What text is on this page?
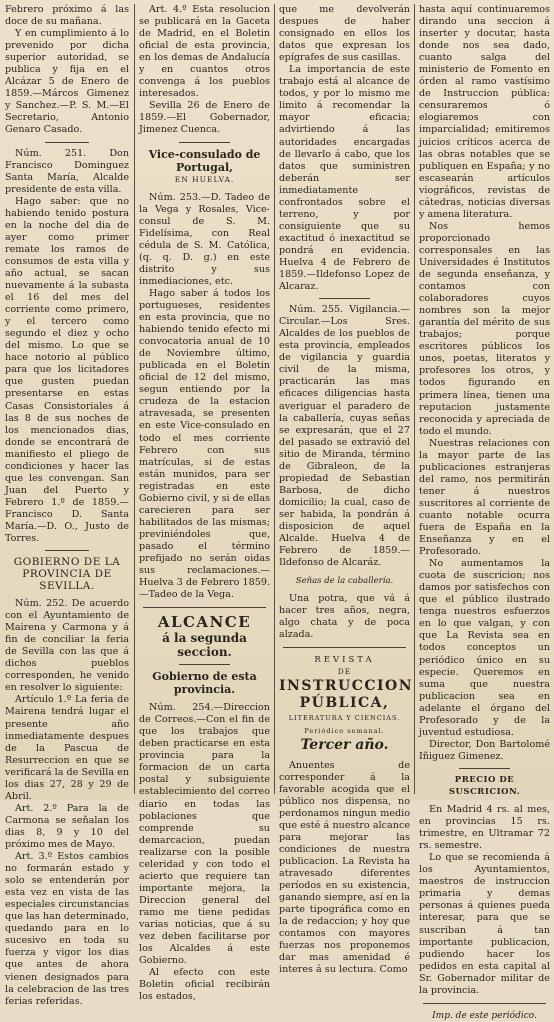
Febrero próximo á las doce de su mañana.

Y en cumplimiento á lo prevenido por dicha superior autoridad, se publica y fija en el Alcázar 5 de Enero de 1859.—Márcos Gimenez y Sanchez.—P. S. M.—El Secretario, Antonio Genaro Casado.

Núm. 251. Don Francisco Dominguez Santa María, Alcalde presidente de esta villa.

Hago saber: que no habiendo tenido postura en la noche del dia de ayer como primer remate los ramos de consumos de esta villa y año actual, se sacan nuevamente á la subasta el 16 del mes del corriente como primero, y el tercero como segundo el diez y ocho del mismo. Lo que se hace notorio al público para que los licitadores que gusten puedan presentarse en estas Casas Consistoriales á las 8 de sus noches de los mencionados dias, donde se encontrará de manifiesto el pliego de condiciones y hacer las que les convengan. San Juan del Puerto y Febrero 1.º de 1859.—Francisco D. Santa María.—D. O., Justo de Torres.

GOBIERNO DE LA PROVINCIA DE SEVILLA.

Núm. 252. De acuerdo con el Ayuntamiento de Mairena y Carmona y á fin de conciliar la feria de Sevilla con las que á dichos pueblos corresponden, he venido en resolver lo siguiente:

Artículo 1.º La feria de Mairena tendrá lugar el presente año inmediatamente despues de la Pascua de Resurreccion en que se verificará la de Sevilla en los dias 27, 28 y 29 de Abril.

Art. 2.º Para la de Carmona se señalan los dias 8, 9 y 10 del próximo mes de Mayo.

Art. 3.º Estos cambios no formarán estado y solo se entenderán por esta vez en vista de las especiales circunstancias que las han determinado, quedando para en lo sucesivo en toda su fuerza y vigor los dias que antes de ahora vienen designados para la celebracion de las tres ferias referidas.

Art. 4.º Esta resolucion se publicará en la Gaceta de Madrid, en el Boletin oficial de esta provincia, en los demas de Andalucía y en cuantos otros convenga á los pueblos interesados.

Sevilla 26 de Enero de 1859.—El Gobernador, Jimenez Cuenca.

Vice-consulado de Portugal,
EN HUELVA.

Núm. 253.—D. Tadeo de la Vega y Rosales, Vice-consul de S. M. Fidelísima, con Real cédula de S. M. Católica, (q. q. D. g.) en este distrito y sus inmediaciones, etc.

Hago saber á todos los portugueses, residentes en esta provincia, que no habiendo tenido efecto mi convocatoria anual de 10 de Noviembre último, publicada en el Boletin oficial de 12 del mismo, segun entiendo por la crudeza de la estacion atravesada, se presenten en este Vice-consulado en todo el mes corriente Febrero con sus matrículas, si de estas están munidos, para ser registradas en este Gobierno civil, y si de ellas carecieren para ser habilitados de las mismas; previniéndoles que, pasado el término prefijado no serán oidas sus reclamaciones.—Huelva 3 de Febrero 1859.—Tadeo de la Vega.

ALCANCE
á la segunda seccion.
Gobierno de esta provincia.

Núm. 254.—Direccion de Correos.—Con el fin de que los trabajos que deben practicarse en esta provincia para la formacion de un carta postal y subsiguiente establecimiento del correo diario en todas las poblaciones que comprende su demarcacion, puedan realizarse con la posible celeridad y con todo el acierto que requiere tan importante mejora, la Direccion general del ramo me tiene pedidas varias noticias, que á su vez deben facilitarse por los Alcaldes á este Gobierno.

Al efecto con este Boletin oficial recibirán los estados,

que me devolverán despues de haber consignado en ellos los datos que expresan los epígrafes de sus casillas.

La importancia de este trabajo está al alcance de todos, y por lo mismo me limito á recomendar la mayor eficacia; advirtiendo á las autoridades encargadas de llevarlo á cabo, que los datos que suministren deberán ser inmediatamente confrontados sobre el terreno, y por consiguiente que su exactitud ó inexactitud se pondrá en evidencia. Huelva 4 de Febrero de 1859.—Ildefonso Lopez de Alcaraz.

Núm. 255. Vigilancia.—Circular.—Los Sres. Alcaldes de los pueblos de esta provincia, empleados de vigilancia y guardia civil de la misma, practicarán las mas eficaces diligencias hasta averiguar el paradero de la caballería, cuyas señas se expresarán, que el 27 del pasado se extravió del sitio de Miranda, término de Gibraleon, de la propiedad de Sebastian Barbosa, de dicho domicilio; la cual, caso de ser habida, la pondrán á disposicion de aquel Alcalde. Huelva 4 de Febrero de 1859.—Ildefonso de Alcaráz.

Señas de la caballería.

Una potra, que vá á hacer tres años, negra, algo chata y de poca alzada.

REVISTA
DE
INSTRUCCION PÚBLICA,
LITERATURA Y CIENCIAS.
Periódico semanal.
Tercer año.

Anuentes de corresponder á la favorable acogida que el público nos dispensa, no perdonamos ningun medio que esté á nuestro alcance para mejorar las condiciones de nuestra publicacion. La Revista ha atravesado diferentes períodos en su existencia, ganando siempre, así en la parte tipográfica como en la de redaccion; y hoy que contamos con mayores fuerzas nos proponemos dar mas amenidad é interes á su lectura. Como

hasta aquí continuaremos dirando una seccion á inserter y docutar, hasta donde nos sea dado, cuanto salga del ministerio de Fomento en órden al ramo vastísimo de Instruccion pública: censuraremos ó elogiaremos con imparcialidad; emitiremos juicios críticos acerca de las obras notables que se publiquen en España; y no escasearán artículos viográficos, revistas de cátedras, noticias diversas y amena literatura.

Nos hemos proporcionado corresponsales en las Universidades é Institutos de segunda enseñanza, y contamos con colaboradores cuyos nombres son la mejor garantía del mérito de sus trabajos; porque escritores públicos los unos, poetas, literatos y profesores los otros, y todos figurando en primera línea, tienen una reputacion justamente reconocida y apreciada de todo el mundo.

Nuestras relaciones con la mayor parte de las publicaciones estranjeras del ramo, nos permitirán tener á nuestros suscritores al corriente de cuanto notable ocurra fuera de España en la Enseñanza y en el Profesorado.

No aumentamos la cuota de suscricion; nos damos por satisfechos con que el público ilustrado tenga nuestros esfuerzos en lo que valgan, y con que La Revista sea en todos conceptos un periódico único en su especie. Queremos en suma que nuestra publicacion sea en adelante el órgano del Profesorado y de la juventud estudiosa.

Director, Don Bartolomé Iñiguez Gimenez.

PRECIO DE SUSCRICION.

En Madrid 4 rs. al mes, en provincias 15 rs. trimestre, en Ultramar 72 rs. semestre.

Lo que se recomienda á los Ayuntamientos, maestros de instruccion primaria y demas personas á quienes pueda interesar, para que se suscriban á tan importante publicacion, pudiendo hacer los pedidos en esta capital al Sr. Gobernador militar de la provincia.

Imp. de este periódico.
